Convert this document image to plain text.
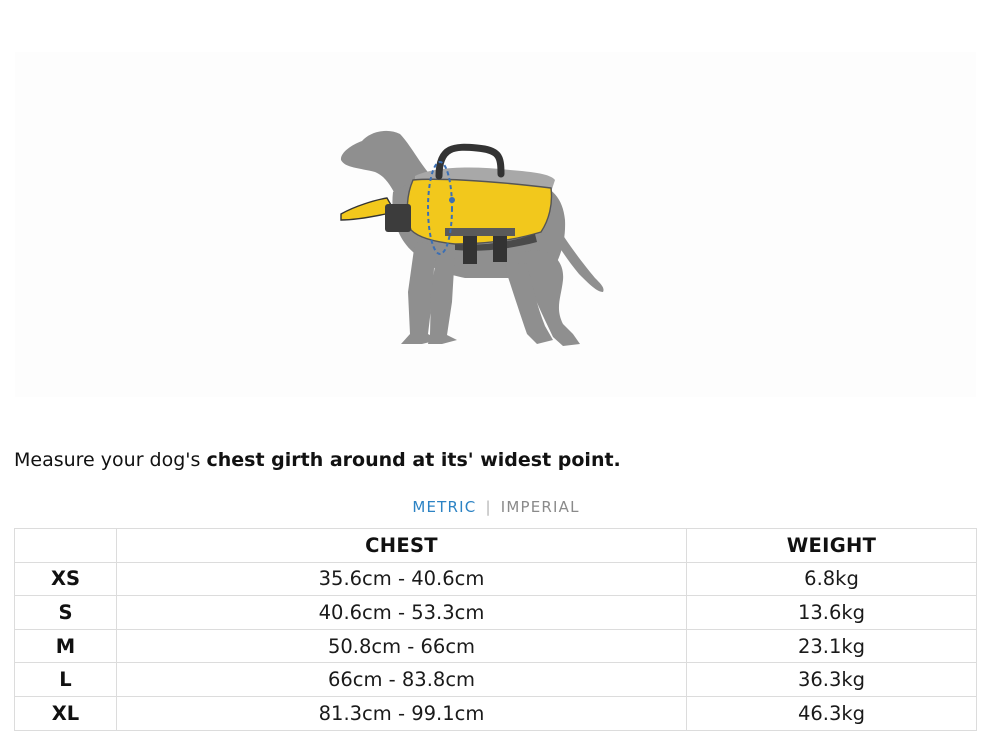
Measure your dog's chest girth around at its' widest point.

METRIC | IMPERIAL
	CHEST	WEIGHT
XS	35.6cm - 40.6cm	6.8kg
S	40.6cm - 53.3cm	13.6kg
M	50.8cm - 66cm	23.1kg
L	66cm - 83.8cm	36.3kg
XL	81.3cm - 99.1cm	46.3kg
